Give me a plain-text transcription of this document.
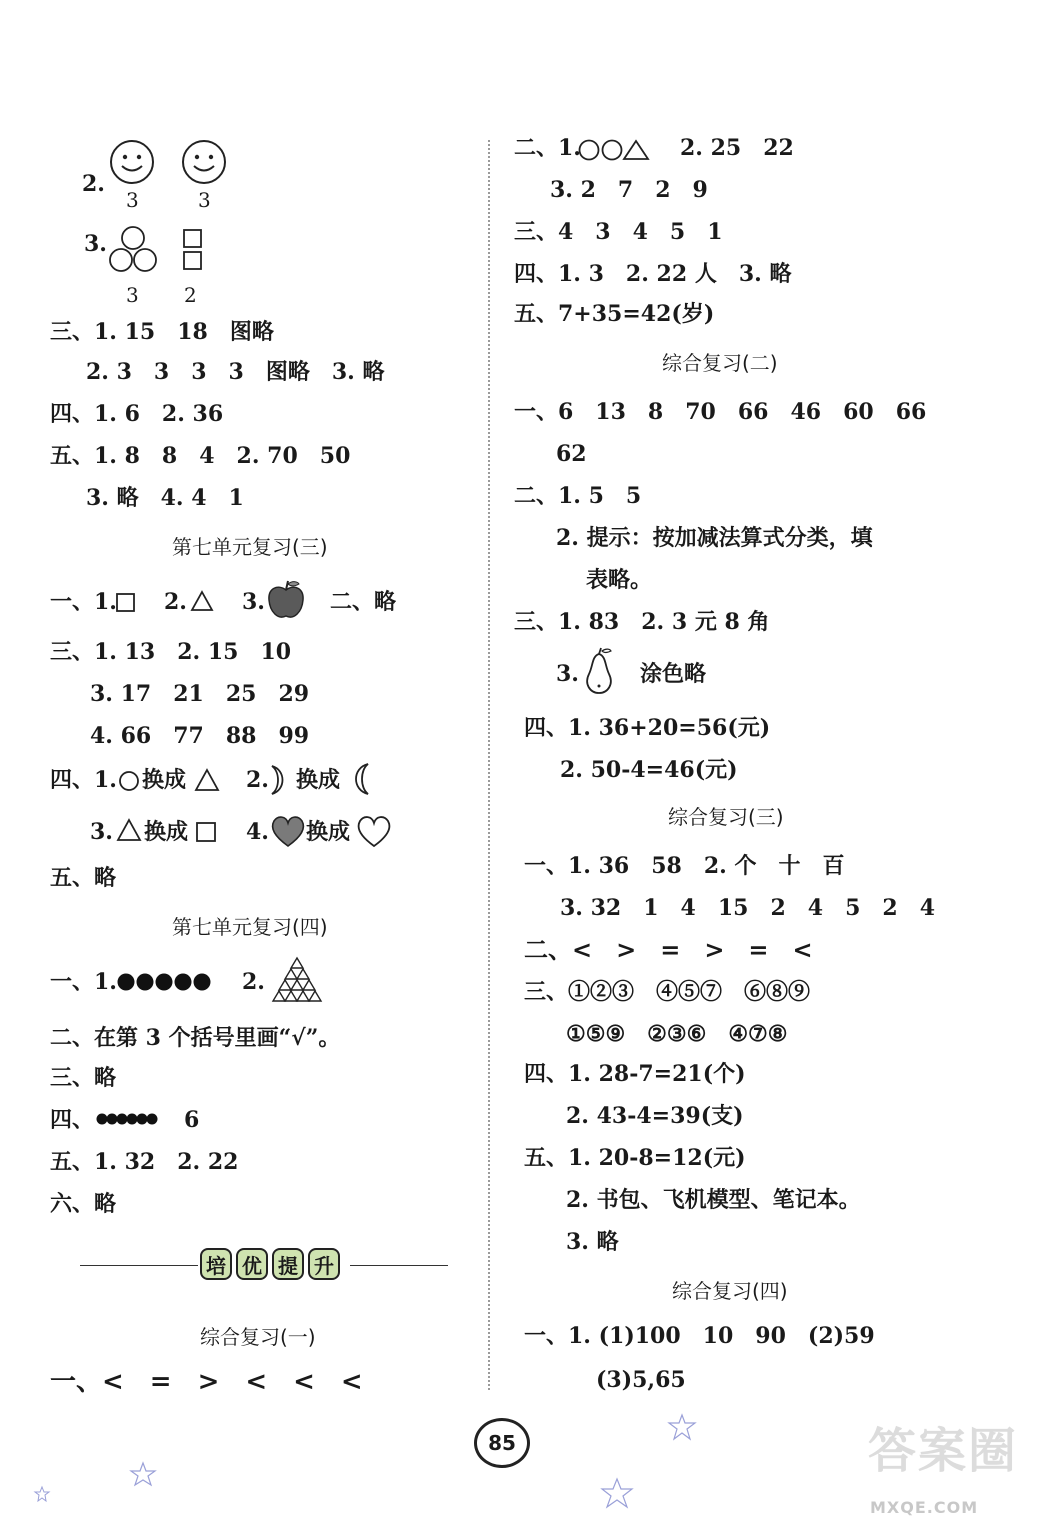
2.
3	3
3.
3 2
三、1. 15　18　图略
2. 3　3　3　3　图略　3. 略
四、1. 6　2. 36
五、1. 8　8　4　2. 70　50
3. 略　4. 4　1
第七单元复习(三)
一、1. 2.	3.	二、略
三、1. 13　2. 15　10
3. 17　21　25　29
4. 66　77　88　99
四、1. 换成	2. 换成
3. 换成	4. 换成
五、略
第七单元复习(四)
一、1.	2.
二、在第 3 个括号里画“√”。
三、略
四、	6
五、1. 32　2. 22
六、略
培 优 提 升
综合复习(一)
一、<　=　>　<　<　<
二、1.	2. 25　22
3. 2　7　2　9
三、4　3　4　5　1
四、1. 3　2. 22 人　3. 略
五、7+35=42(岁)
综合复习(二)
一、6　13　8　70　66　46　60　66
62
二、1. 5　5
2. 提示：按加减法算式分类，填
表略。
三、1. 83　2. 3 元 8 角
3.	涂色略
四、1. 36+20=56(元)
2. 50-4=46(元)
综合复习(三)
一、1. 36　58　2. 个　十　百
3. 32　1　4　15　2　4　5　2　4
二、<　>　=　>　=　<
三、①②③　④⑤⑦　⑥⑧⑨
①⑤⑨　②③⑥　④⑦⑧
四、1. 28-7=21(个)
2. 43-4=39(支)
五、1. 20-8=12(元)
2. 书包、飞机模型、笔记本。
3. 略
综合复习(四)
一、1. (1)100　10　90　(2)59
(3)5,65
85	答案圈
MXQE.COM
